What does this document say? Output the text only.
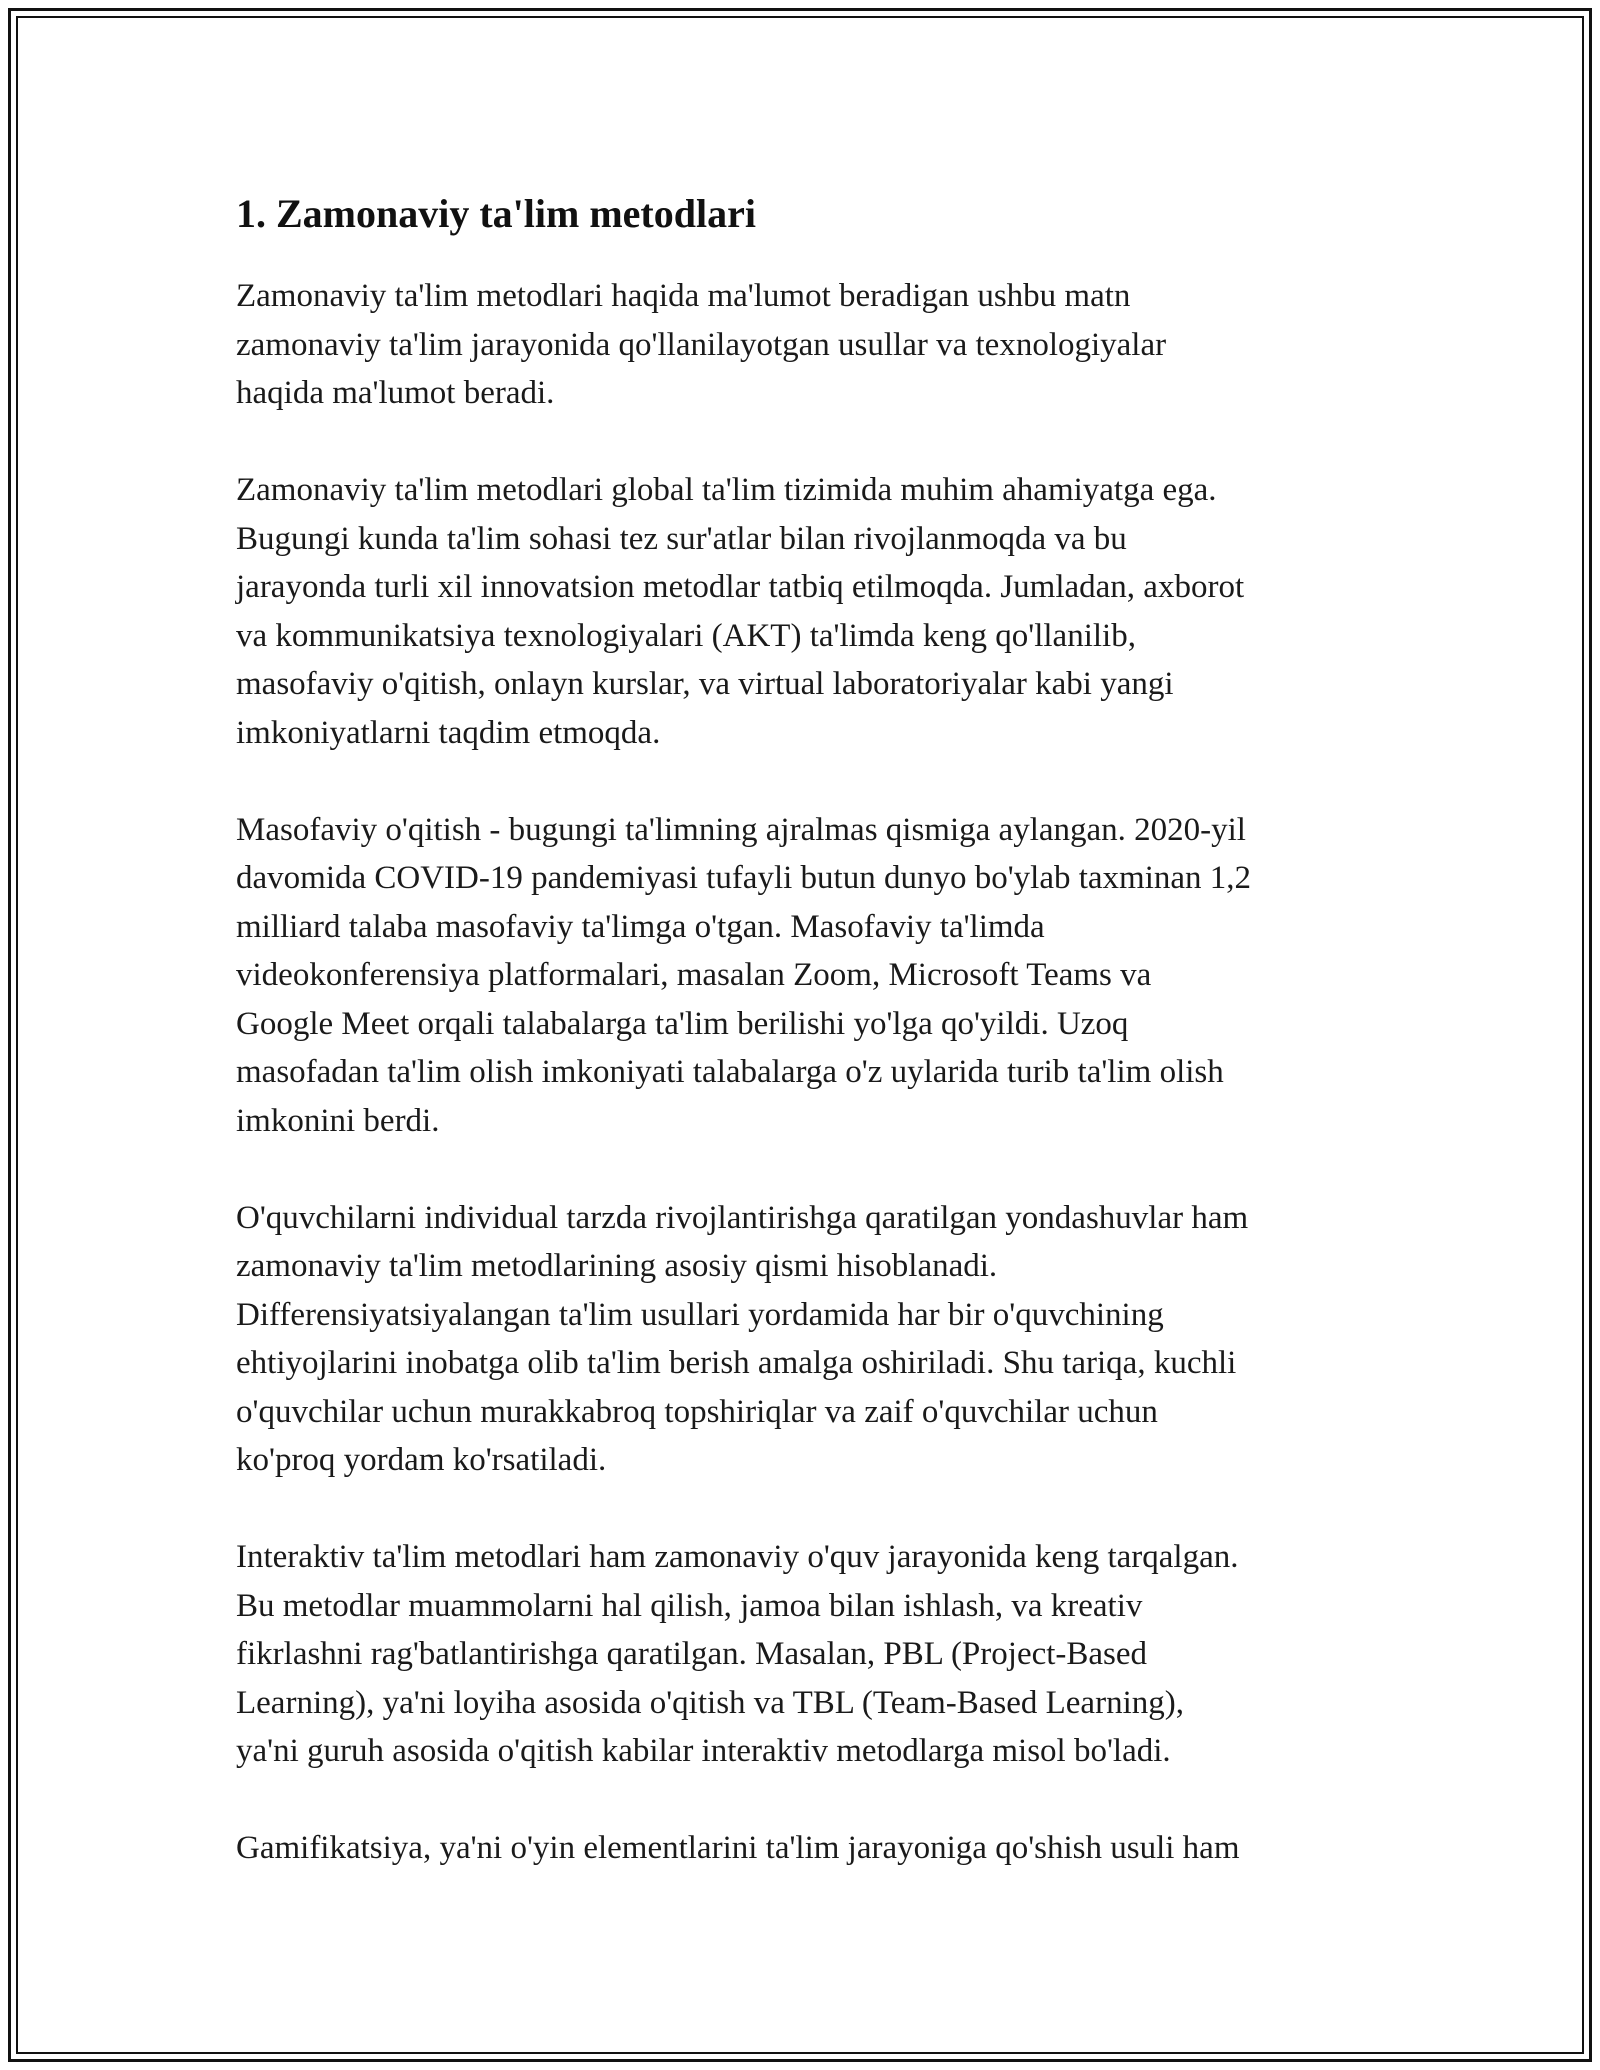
1. Zamonaviy ta'lim metodlari

Zamonaviy ta'lim metodlari haqida ma'lumot beradigan ushbu matn
zamonaviy ta'lim jarayonida qo'llanilayotgan usullar va texnologiyalar
haqida ma'lumot beradi.

Zamonaviy ta'lim metodlari global ta'lim tizimida muhim ahamiyatga ega.
Bugungi kunda ta'lim sohasi tez sur'atlar bilan rivojlanmoqda va bu
jarayonda turli xil innovatsion metodlar tatbiq etilmoqda. Jumladan, axborot
va kommunikatsiya texnologiyalari (AKT) ta'limda keng qo'llanilib,
masofaviy o'qitish, onlayn kurslar, va virtual laboratoriyalar kabi yangi
imkoniyatlarni taqdim etmoqda.

Masofaviy o'qitish - bugungi ta'limning ajralmas qismiga aylangan. 2020-yil
davomida COVID-19 pandemiyasi tufayli butun dunyo bo'ylab taxminan 1,2
milliard talaba masofaviy ta'limga o'tgan. Masofaviy ta'limda
videokonferensiya platformalari, masalan Zoom, Microsoft Teams va
Google Meet orqali talabalarga ta'lim berilishi yo'lga qo'yildi. Uzoq
masofadan ta'lim olish imkoniyati talabalarga o'z uylarida turib ta'lim olish
imkonini berdi.

O'quvchilarni individual tarzda rivojlantirishga qaratilgan yondashuvlar ham
zamonaviy ta'lim metodlarining asosiy qismi hisoblanadi.
Differensiyatsiyalangan ta'lim usullari yordamida har bir o'quvchining
ehtiyojlarini inobatga olib ta'lim berish amalga oshiriladi. Shu tariqa, kuchli
o'quvchilar uchun murakkabroq topshiriqlar va zaif o'quvchilar uchun
ko'proq yordam ko'rsatiladi.

Interaktiv ta'lim metodlari ham zamonaviy o'quv jarayonida keng tarqalgan.
Bu metodlar muammolarni hal qilish, jamoa bilan ishlash, va kreativ
fikrlashni rag'batlantirishga qaratilgan. Masalan, PBL (Project-Based
Learning), ya'ni loyiha asosida o'qitish va TBL (Team-Based Learning),
ya'ni guruh asosida o'qitish kabilar interaktiv metodlarga misol bo'ladi.

Gamifikatsiya, ya'ni o'yin elementlarini ta'lim jarayoniga qo'shish usuli ham
